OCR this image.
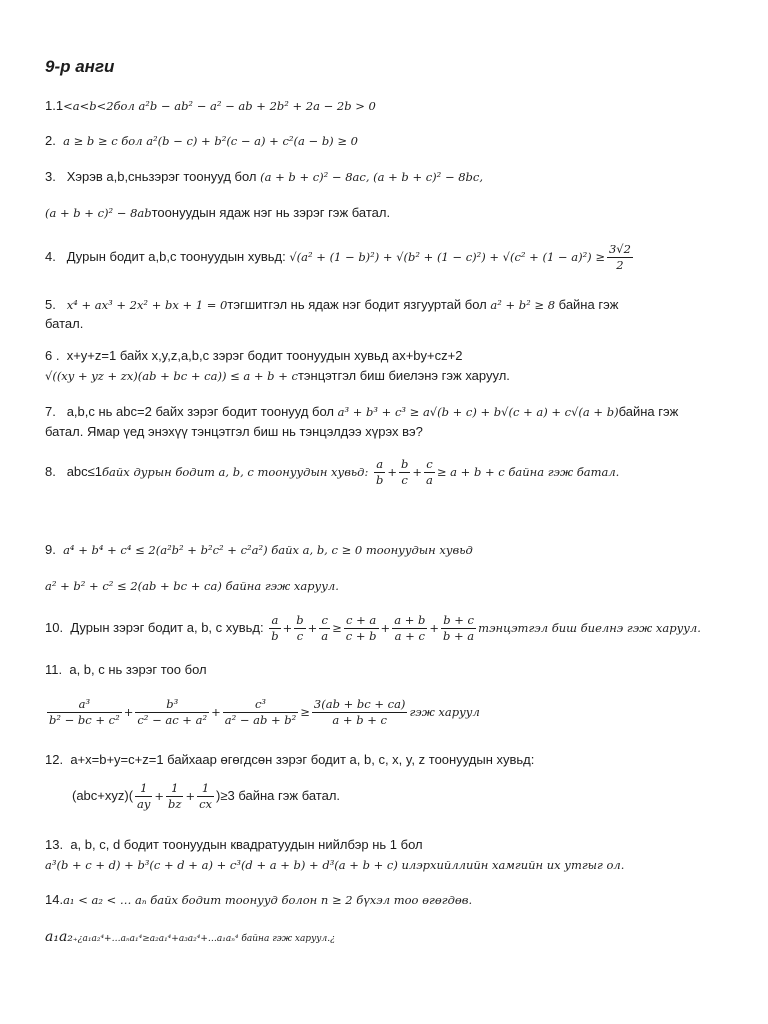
9-р анги
1.1<a<b<2бол a²b − ab² − a² − ab + 2b² + 2a − 2b > 0
2. a ≥ b ≥ c бол a²(b − c) + b²(c − a) + c²(a − b) ≥ 0
3. Хэрэв a,b,сньзэрэг тоонууд бол (a + b + c)² − 8ac, (a + b + c)² − 8bc,
(a + b + c)² − 8abтоонуудын ядаж нэг нь зэрэг гэж батал.
4. Дурын бодит a,b,c тоонуудын хувьд: $√(a^2 + (1 - b)^2) + √(b^2 + (1 - c)^2) + √(c^2 + (1 - a)^2) \ge \frac{3√2}{2}$
5. x⁴ + ax³ + 2x² + bx + 1 = 0тэгшитгэл нь ядаж нэг бодит язгууртай бол a² + b² ≥ 8 байна гэж
батал.
6 . x+y+z=1 байх x,y,z,a,b,c зэрэг бодит тоонуудын хувьд ax+by+cz+2
√((xy + yz + zx)(ab + bc + ca)) ≤ a + b + cтэнцэтгэл биш биелэнэ гэж харуул.
7. a,b,c нь abc=2 байх зэрэг бодит тоонууд бол a³ + b³ + c³ ≥ a√(b + c) + b√(c + a) + c√(a + b)байна гэж
батал. Ямар үед энэхүү тэнцэтгэл биш нь тэнцэлдээ хүрэх вэ?
8. abc≤1байх дурын бодит a, b, c тоонуудын хувьд: $\frac{a}{b} + \frac{b}{c} + \frac{c}{a} \ge a + b + c$ байна гэж батал.
9. a⁴ + b⁴ + c⁴ ≤ 2(a²b² + b²c² + c²a²) байх a, b, c ≥ 0 тоонуудын хувьд
a² + b² + c² ≤ 2(ab + bc + ca) байна гэж харуул.
10. Дурын зэрэг бодит a, b, c хувьд: $\frac{a}{b} + \frac{b}{c} + \frac{c}{a} \ge \frac{c + a}{c + b} + \frac{a + b}{a + c} + \frac{b + c}{b + a}$ тэнцэтгэл биш биелнэ гэж харуул.
11. a, b, c нь зэрэг тоо бол
$\frac{\text{a³}}{\text{b² − bc + c²}} + \frac{\text{b³}}{\text{c² − ac + a²}} + \frac{\text{c³}}{\text{a² − ab + b²}} \ge \frac{3(ab + bc + ca)}{a + b + c}$ гэж харуул
12. a+x=b+y=c+z=1 байхаар өгөгдсөн зэрэг бодит a, b, c, x, y, z тоонуудын хувьд:
$(abc+xyz)( \frac{1}{ay} + \frac{1}{bz} + \frac{1}{cx} )\ge 3$ байна гэж батал.
13. a, b, c, d бодит тоонуудын квадратуудын нийлбэр нь 1 бол
a³(b + c + d) + b³(c + d + a) + c³(d + a + b) + d³(a + b + c) илэрхийллийн хамгийн их утгыг ол.
14.a₁ < a₂ < … aₙ байх бодит тоонууд болон n ≥ 2 бүхэл тоо өгөгдөв.
a₁a₂₊¿a₁a₂⁴+…aₙa₁⁴≥a₂a₁⁴+a₃a₂⁴+…a₁aₙ⁴ байна гэж харуул.¿
